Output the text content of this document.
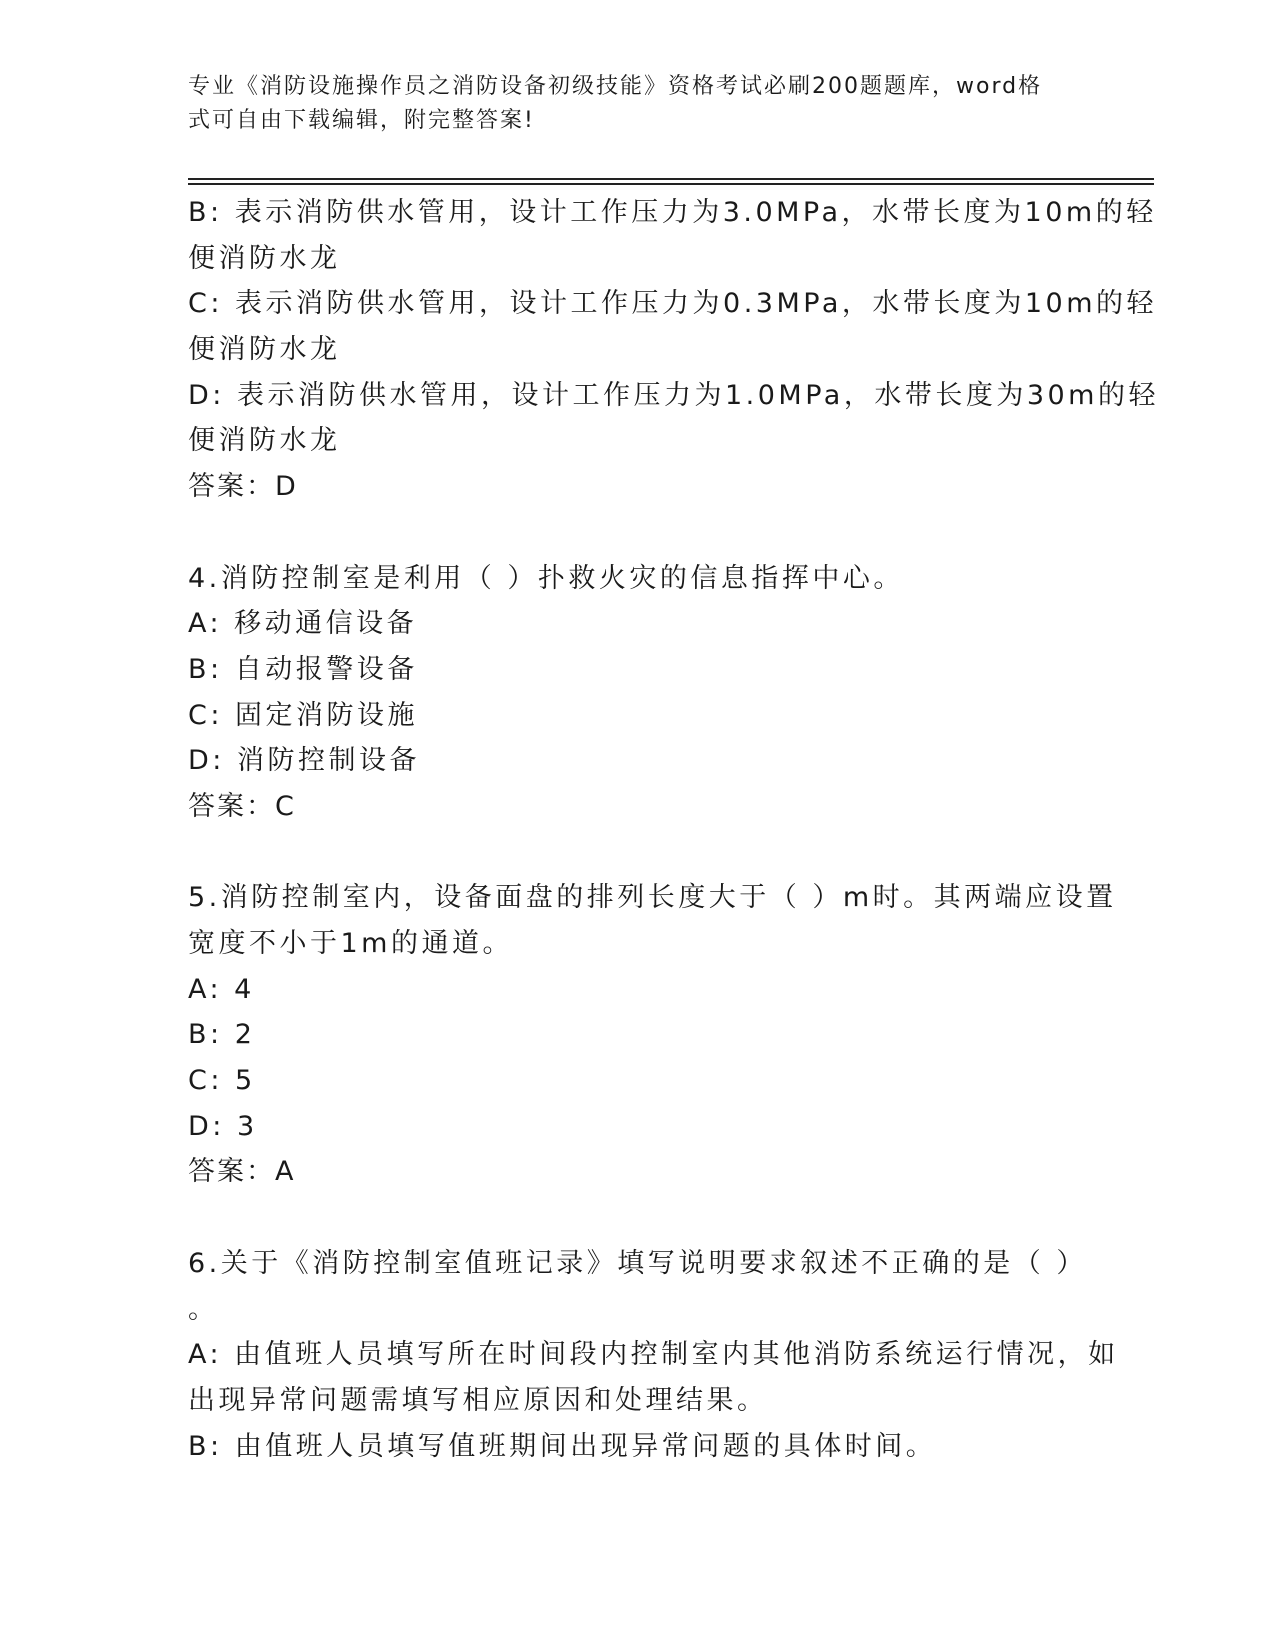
专业《消防设施操作员之消防设备初级技能》资格考试必刷200题题库，word格
式可自由下载编辑，附完整答案!
B: 表示消防供水管用，设计工作压力为3.0MPa，水带长度为10m的轻
便消防水龙
C: 表示消防供水管用，设计工作压力为0.3MPa，水带长度为10m的轻
便消防水龙
D: 表示消防供水管用，设计工作压力为1.0MPa，水带长度为30m的轻
便消防水龙
答案：D
4.消防控制室是利用（ ）扑救火灾的信息指挥中心。
A: 移动通信设备
B: 自动报警设备
C: 固定消防设施
D: 消防控制设备
答案：C
5.消防控制室内，设备面盘的排列长度大于（ ）m时。其两端应设置
宽度不小于1m的通道。
A: 4
B: 2
C: 5
D: 3
答案：A
6.关于《消防控制室值班记录》填写说明要求叙述不正确的是（ ）
。
A: 由值班人员填写所在时间段内控制室内其他消防系统运行情况，如
出现异常问题需填写相应原因和处理结果。
B: 由值班人员填写值班期间出现异常问题的具体时间。
